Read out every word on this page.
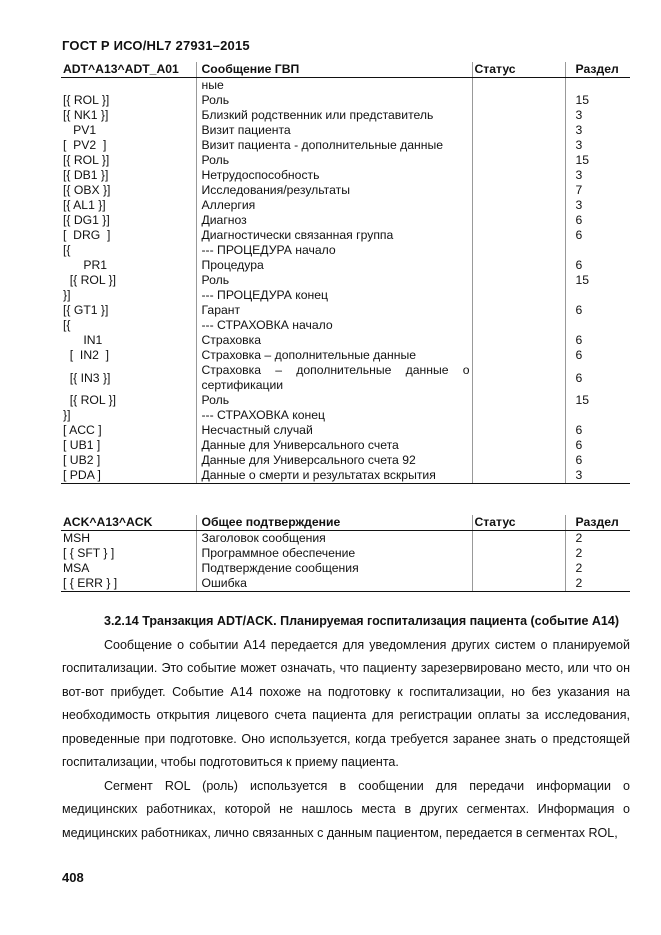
ГОСТ Р ИСО/HL7 27931–2015
ADT^A13^ADT_A01	Сообщение ГВП	Статус	Раздел
	ные		
[{ ROL }]	Роль		15
[{ NK1 }]	Близкий родственник или представитель		3
PV1	Визит пациента		3
[  PV2  ]	Визит пациента - дополнительные данные		3
[{ ROL }]	Роль		15
[{ DB1 }]	Нетрудоспособность		3
[{ OBX }]	Исследования/результаты		7
[{ AL1 }]	Аллергия		3
[{ DG1 }]	Диагноз		6
[  DRG  ]	Диагностически связанная группа		6
[{	--- ПРОЦЕДУРА начало		
PR1	Процедура		6
[{ ROL }]	Роль		15
}]	--- ПРОЦЕДУРА конец		
[{ GT1 }]	Гарант		6
[{	--- СТРАХОВКА начало		
IN1	Страховка		6
[  IN2  ]	Страховка – дополнительные данные		6
[{ IN3 }]	Страховка – дополнительные данные о сертификации		6
[{ ROL }]	Роль		15
}]	--- СТРАХОВКА конец		
[ ACC ]	Несчастный случай		6
[ UB1 ]	Данные для Универсального счета		6
[ UB2 ]	Данные для Универсального счета 92		6
[ PDA ]	Данные о смерти и результатах вскрытия		3
ACK^A13^ACK	Общее подтверждение	Статус	Раздел
MSH	Заголовок сообщения		2
[ { SFT } ]	Программное обеспечение		2
MSA	Подтверждение сообщения		2
[ { ERR } ]	Ошибка		2
3.2.14 Транзакция ADT/ACK. Планируемая госпитализация пациента (событие A14)

Сообщение о событии A14 передается для уведомления других систем о планируемой госпитализации. Это событие может означать, что пациенту зарезервировано место, или что он вот-вот прибудет. Событие A14 похоже на подготовку к госпитализации, но без указания на необходимость открытия лицевого счета пациента для регистрации оплаты за исследования, проведенные при подготовке. Оно используется, когда требуется заранее знать о предстоящей госпитализации, чтобы подготовиться к приему пациента.

Сегмент ROL (роль) используется в сообщении для передачи информации о медицинских работниках, которой не нашлось места в других сегментах. Информация о медицинских работниках, лично связанных с данным пациентом, передается в сегментах ROL,

408
